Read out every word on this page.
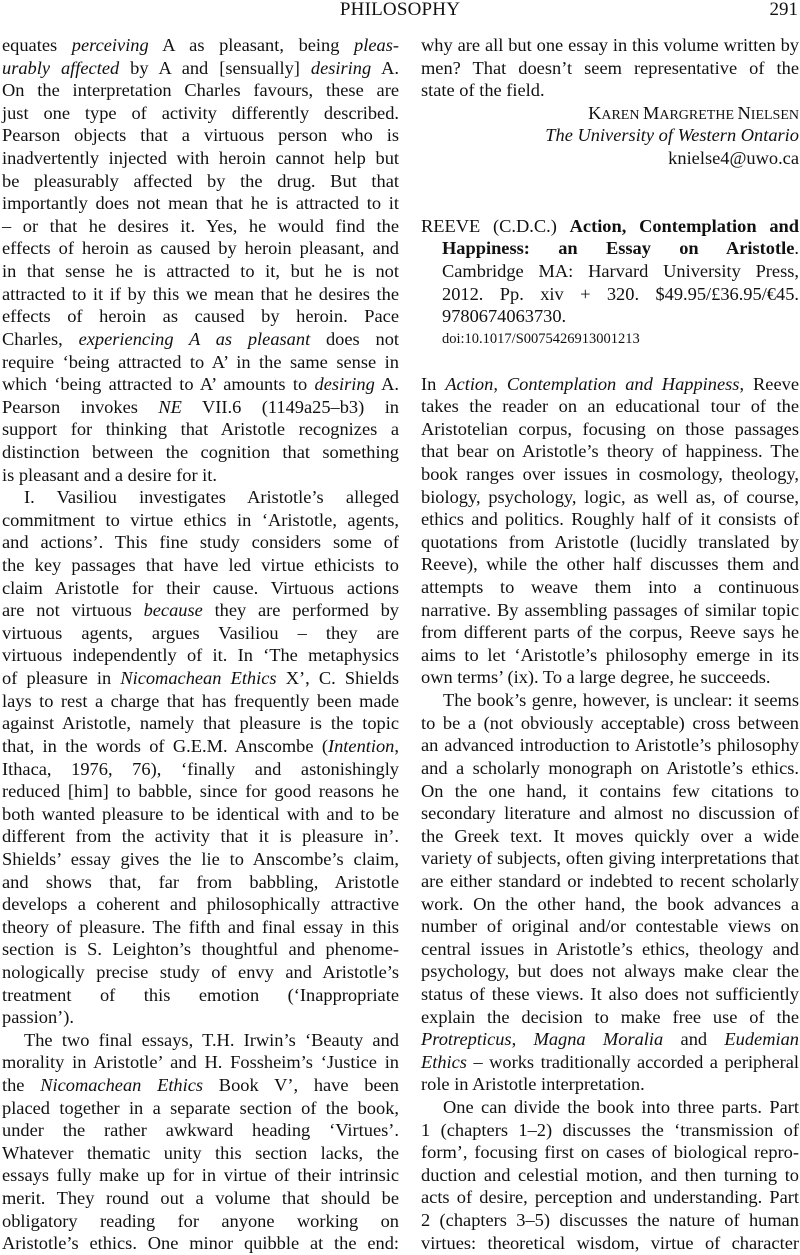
PHILOSOPHY	291
equates perceiving A as pleasant, being pleas-
urably affected by A and [sensually] desiring A.
On the interpretation Charles favours, these are
just one type of activity differently described.
Pearson objects that a virtuous person who is
inadvertently injected with heroin cannot help but
be pleasurably affected by the drug. But that
importantly does not mean that he is attracted to it
– or that he desires it. Yes, he would find the
effects of heroin as caused by heroin pleasant, and
in that sense he is attracted to it, but he is not
attracted to it if by this we mean that he desires the
effects of heroin as caused by heroin. Pace
Charles, experiencing A as pleasant does not
require ‘being attracted to A’ in the same sense in
which ‘being attracted to A’ amounts to desiring A.
Pearson invokes NE VII.6 (1149a25–b3) in
support for thinking that Aristotle recognizes a
distinction between the cognition that something
is pleasant and a desire for it.
I. Vasiliou investigates Aristotle’s alleged
commitment to virtue ethics in ‘Aristotle, agents,
and actions’. This fine study considers some of
the key passages that have led virtue ethicists to
claim Aristotle for their cause. Virtuous actions
are not virtuous because they are performed by
virtuous agents, argues Vasiliou – they are
virtuous independently of it. In ‘The metaphysics
of pleasure in Nicomachean Ethics X’, C. Shields
lays to rest a charge that has frequently been made
against Aristotle, namely that pleasure is the topic
that, in the words of G.E.M. Anscombe (Intention,
Ithaca, 1976, 76), ‘finally and astonishingly
reduced [him] to babble, since for good reasons he
both wanted pleasure to be identical with and to be
different from the activity that it is pleasure in’.
Shields’ essay gives the lie to Anscombe’s claim,
and shows that, far from babbling, Aristotle
develops a coherent and philosophically attractive
theory of pleasure. The fifth and final essay in this
section is S. Leighton’s thoughtful and phenome-
nologically precise study of envy and Aristotle’s
treatment of this emotion (‘Inappropriate
passion’).
The two final essays, T.H. Irwin’s ‘Beauty and
morality in Aristotle’ and H. Fossheim’s ‘Justice in
the Nicomachean Ethics Book V’, have been
placed together in a separate section of the book,
under the rather awkward heading ‘Virtues’.
Whatever thematic unity this section lacks, the
essays fully make up for in virtue of their intrinsic
merit. They round out a volume that should be
obligatory reading for anyone working on
Aristotle’s ethics. One minor quibble at the end:
why are all but one essay in this volume written by
men? That doesn’t seem representative of the
state of the field.
KAREN MARGRETHE NIELSEN
The University of Western Ontario
knielse4@uwo.ca
REEVE (C.D.C.) Action, Contemplation and
Happiness: an Essay on Aristotle.
Cambridge MA: Harvard University Press,
2012. Pp. xiv + 320. $49.95/£36.95/€45.
9780674063730.
doi:10.1017/S0075426913001213
In Action, Contemplation and Happiness, Reeve
takes the reader on an educational tour of the
Aristotelian corpus, focusing on those passages
that bear on Aristotle’s theory of happiness. The
book ranges over issues in cosmology, theology,
biology, psychology, logic, as well as, of course,
ethics and politics. Roughly half of it consists of
quotations from Aristotle (lucidly translated by
Reeve), while the other half discusses them and
attempts to weave them into a continuous
narrative. By assembling passages of similar topic
from different parts of the corpus, Reeve says he
aims to let ‘Aristotle’s philosophy emerge in its
own terms’ (ix). To a large degree, he succeeds.
The book’s genre, however, is unclear: it seems
to be a (not obviously acceptable) cross between
an advanced introduction to Aristotle’s philosophy
and a scholarly monograph on Aristotle’s ethics.
On the one hand, it contains few citations to
secondary literature and almost no discussion of
the Greek text. It moves quickly over a wide
variety of subjects, often giving interpretations that
are either standard or indebted to recent scholarly
work. On the other hand, the book advances a
number of original and/or contestable views on
central issues in Aristotle’s ethics, theology and
psychology, but does not always make clear the
status of these views. It also does not sufficiently
explain the decision to make free use of the
Protrepticus, Magna Moralia and Eudemian
Ethics – works traditionally accorded a peripheral
role in Aristotle interpretation.
One can divide the book into three parts. Part
1 (chapters 1–2) discusses the ‘transmission of
form’, focusing first on cases of biological repro-
duction and celestial motion, and then turning to
acts of desire, perception and understanding. Part
2 (chapters 3–5) discusses the nature of human
virtues: theoretical wisdom, virtue of character
